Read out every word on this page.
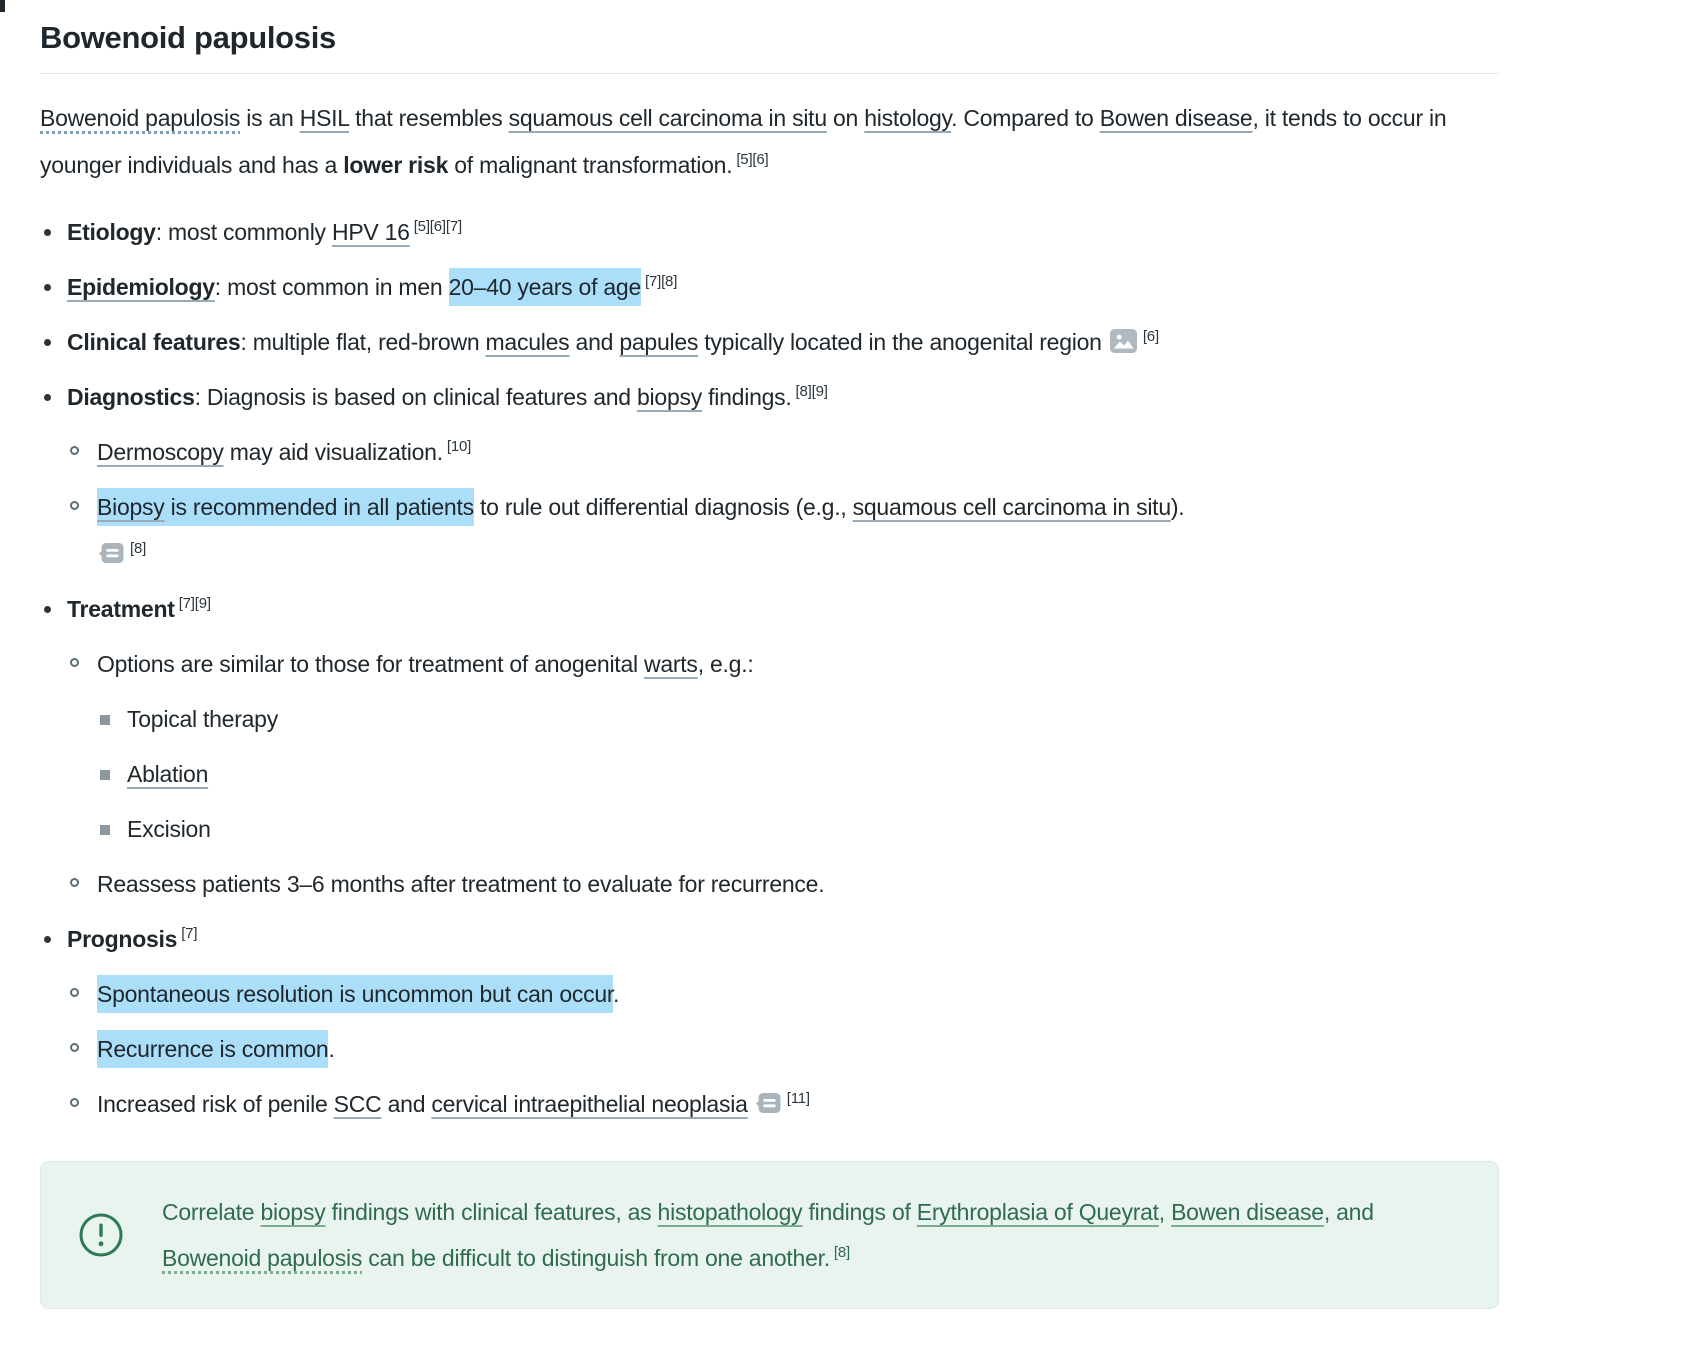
Bowenoid papulosis
Bowenoid papulosis is an HSIL that resembles squamous cell carcinoma in situ on histology. Compared to Bowen disease, it tends to occur in younger individuals and has a lower risk of malignant transformation. [5][6]
Etiology: most commonly HPV 16 [5][6][7]
Epidemiology: most common in men 20–40 years of age [7][8]
Clinical features: multiple flat, red-brown macules and papules typically located in the anogenital region [6]
Diagnostics: Diagnosis is based on clinical features and biopsy findings. [8][9]
Dermoscopy may aid visualization. [10]
Biopsy is recommended in all patients to rule out differential diagnosis (e.g., squamous cell carcinoma in situ).
[8]
Treatment [7][9]
Options are similar to those for treatment of anogenital warts, e.g.:
Topical therapy
Ablation
Excision
Reassess patients 3–6 months after treatment to evaluate for recurrence.
Prognosis [7]
Spontaneous resolution is uncommon but can occur.
Recurrence is common.
Increased risk of penile SCC and cervical intraepithelial neoplasia	[11]

Correlate biopsy findings with clinical features, as histopathology findings of Erythroplasia of Queyrat, Bowen disease, and Bowenoid papulosis can be difficult to distinguish from one another. [8]
